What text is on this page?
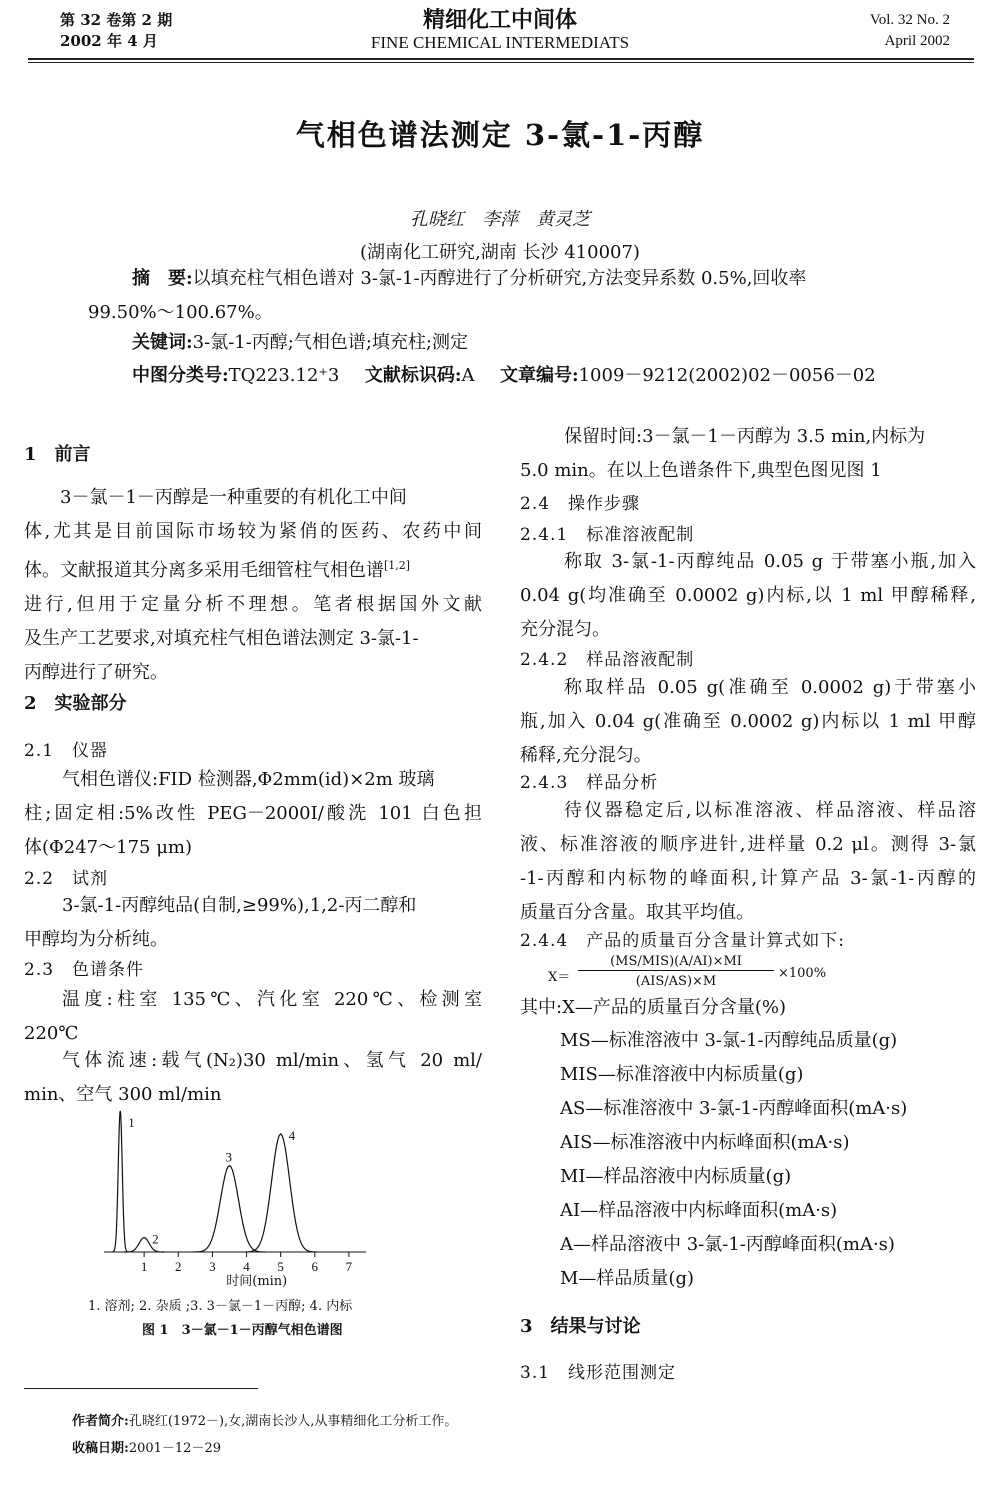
第 32 卷第 2 期
2002 年 4 月
精细化工中间体
FINE CHEMICAL INTERMEDIATS
Vol. 32 No. 2
April 2002
气相色谱法测定 3-氯-1-丙醇
孔晓红　李萍　黄灵芝
(湖南化工研究,湖南 长沙 410007)
摘　要:以填充柱气相色谱对 3-氯-1-丙醇进行了分析研究,方法变异系数 0.5%,回收率
99.50%～100.67%。
关键词:3-氯-1-丙醇;气相色谱;填充柱;测定
中图分类号:TQ223.12⁺3 文献标识码:A 文章编号:1009－9212(2002)02－0056－02
1　前言
3－氯－1－丙醇是一种重要的有机化工中间
体,尤其是目前国际市场较为紧俏的医药、农药中间
体。文献报道其分离多采用毛细管柱气相色谱[1,2]
进行,但用于定量分析不理想。笔者根据国外文献
及生产工艺要求,对填充柱气相色谱法测定 3-氯-1-
丙醇进行了研究。
2　实验部分
2.1　仪器
气相色谱仪:FID 检测器,Φ2mm(id)×2m 玻璃
柱;固定相:5%改性 PEG－2000I/酸洗 101 白色担
体(Φ247～175 μm)
2.2　试剂
3-氯-1-丙醇纯品(自制,≥99%),1,2-丙二醇和
甲醇均为分析纯。
2.3　色谱条件
温度:柱室 135℃、汽化室 220℃、检测室
220℃
气体流速:载气(N₂)30 ml/min、氢气 20 ml/
min、空气 300 ml/min
1 2 3 4 5 6 7
时间(min)
1
2
3
4
1. 溶剂; 2. 杂质 ;3. 3－氯－1－丙醇; 4. 内标
图 1　3－氯－1－丙醇气相色谱图
保留时间:3－氯－1－丙醇为 3.5 min,内标为
5.0 min。在以上色谱条件下,典型色图见图 1
2.4　操作步骤
2.4.1　标准溶液配制
称取 3-氯-1-丙醇纯品 0.05 g 于带塞小瓶,加入
0.04 g(均准确至 0.0002 g)内标,以 1 ml 甲醇稀释,
充分混匀。
2.4.2　样品溶液配制
称取样品 0.05 g(准确至 0.0002 g)于带塞小
瓶,加入 0.04 g(准确至 0.0002 g)内标以 1 ml 甲醇
稀释,充分混匀。
2.4.3　样品分析
待仪器稳定后,以标准溶液、样品溶液、样品溶
液、标准溶液的顺序进针,进样量 0.2 μl。测得 3-氯
-1-丙醇和内标物的峰面积,计算产品 3-氯-1-丙醇的
质量百分含量。取其平均值。
2.4.4　产品的质量百分含量计算式如下:
X＝
(MS/MIS)(A/AI)×MI
(AIS/AS)×M
×100%
其中:X—产品的质量百分含量(%)
MS—标准溶液中 3-氯-1-丙醇纯品质量(g)
MIS—标准溶液中内标质量(g)
AS—标准溶液中 3-氯-1-丙醇峰面积(mA·s)
AIS—标准溶液中内标峰面积(mA·s)
MI—样品溶液中内标质量(g)
AI—样品溶液中内标峰面积(mA·s)
A—样品溶液中 3-氯-1-丙醇峰面积(mA·s)
M—样品质量(g)
3　结果与讨论
3.1　线形范围测定
作者简介:孔晓红(1972－),女,湖南长沙人,从事精细化工分析工作。
收稿日期:2001－12－29
